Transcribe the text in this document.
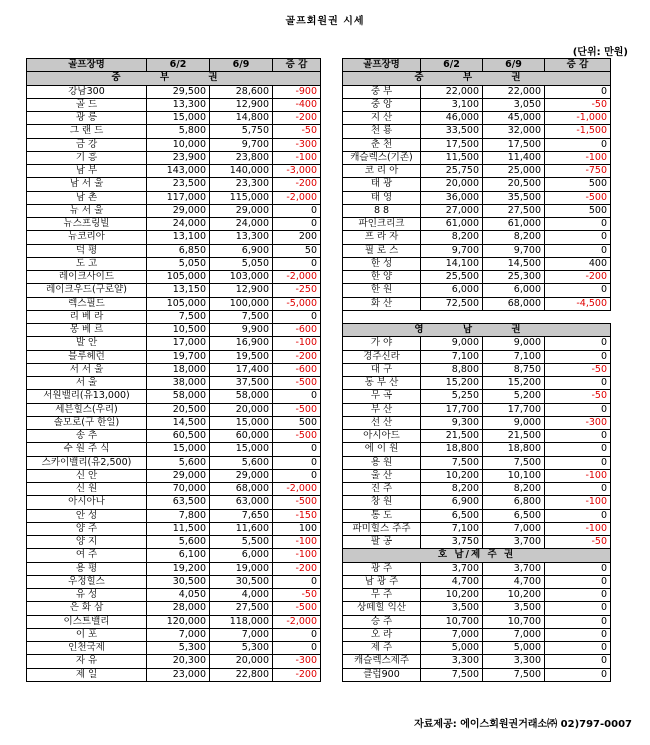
골프회원권 시세
(단위: 만원)
골프장명	6/2	6/9	증 감
중 부 권			
강남300	29,500	28,600	-900
골 드	13,300	12,900	-400
광 릉	15,000	14,800	-200
그 랜 드	5,800	5,750	-50
금 강	10,000	9,700	-300
기 흥	23,900	23,800	-100
남 부	143,000	140,000	-3,000
남 서 울	23,500	23,300	-200
남 촌	117,000	115,000	-2,000
뉴 서 울	29,000	29,000	0
뉴스프링빌	24,000	24,000	0
뉴코리아	13,100	13,300	200
덕 평	6,850	6,900	50
도 고	5,050	5,050	0
레이크사이드	105,000	103,000	-2,000
레이크우드(구로얄)	13,150	12,900	-250
렉스필드	105,000	100,000	-5,000
리 베 라	7,500	7,500	0
몽 베 르	10,500	9,900	-600
발 안	17,000	16,900	-100
블루헤런	19,700	19,500	-200
서 서 울	18,000	17,400	-600
서 울	38,000	37,500	-500
서원밸리(유13,000)	58,000	58,000	0
세븐힐스(우리)	20,500	20,000	-500
솔모로(구 한일)	14,500	15,000	500
송 추	60,500	60,000	-500
수 원 주 식	15,000	15,000	0
스카이밸리(유2,500)	5,600	5,600	0
신 안	29,000	29,000	0
신 원	70,000	68,000	-2,000
아시아나	63,500	63,000	-500
안 성	7,800	7,650	-150
양 주	11,500	11,600	100
양 지	5,600	5,500	-100
여 주	6,100	6,000	-100
용 평	19,200	19,000	-200
우정힐스	30,500	30,500	0
유 성	4,050	4,000	-50
은 화 삼	28,000	27,500	-500
이스트밸리	120,000	118,000	-2,000
이 포	7,000	7,000	0
인천국제	5,300	5,300	0
자 유	20,300	20,000	-300
제 일	23,000	22,800	-200
골프장명	6/2	6/9	증 감
중 부 권			
중 부	22,000	22,000	0
중 앙	3,100	3,050	-50
지 산	46,000	45,000	-1,000
천 룡	33,500	32,000	-1,500
춘 천	17,500	17,500	0
캐슬렉스(기존)	11,500	11,400	-100
코 리 아	25,750	25,000	-750
태 광	20,000	20,500	500
태 영	36,000	35,500	-500
8 8	27,000	27,500	500
파인크리크	61,000	61,000	0
프 라 자	8,200	8,200	0
필 로 스	9,700	9,700	0
한 성	14,100	14,500	400
한 양	25,500	25,300	-200
한 원	6,000	6,000	0
화 산	72,500	68,000	-4,500

영 남 권			
가 야	9,000	9,000	0
경주신라	7,100	7,100	0
대 구	8,800	8,750	-50
동 부 산	15,200	15,200	0
무 곡	5,250	5,200	-50
부 산	17,700	17,700	0
선 산	9,300	9,000	-300
아시아드	21,500	21,500	0
에 이 원	18,800	18,800	0
용 원	7,500	7,500	0
울 산	10,200	10,100	-100
진 주	8,200	8,200	0
창 원	6,900	6,800	-100
통 도	6,500	6,500	0
파미힐스 주주	7,100	7,000	-100
팔 공	3,750	3,700	-50
호 남/제 주 권			
광 주	3,700	3,700	0
남 광 주	4,700	4,700	0
무 주	10,200	10,200	0
상떼힐 익산	3,500	3,500	0
승 주	10,700	10,700	0
오 라	7,000	7,000	0
제 주	5,000	5,000	0
캐슬렉스제주	3,300	3,300	0
클럽900	7,500	7,500	0
자료제공: 에이스회원권거래소㈜ 02)797-0007
